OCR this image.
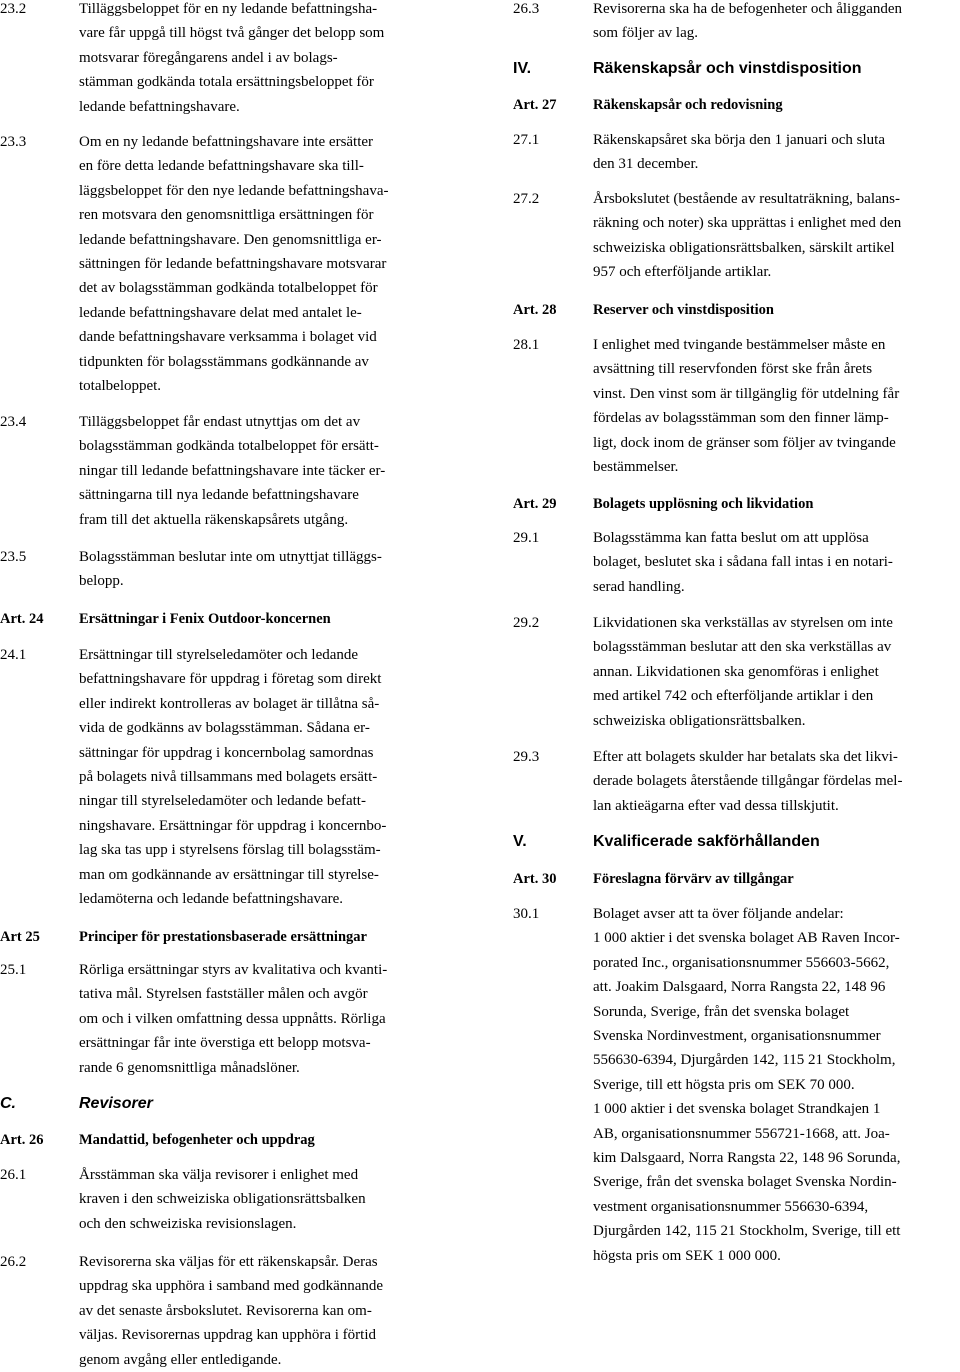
23.2	Tilläggsbeloppet för en ny ledande befattningsha-

vare får uppgå till högst två gånger det belopp som

motsvarar föregångarens andel i av bolags-

stämman godkända totala ersättningsbeloppet för

ledande befattningshavare.

23.3	Om en ny ledande befattningshavare inte ersätter

en före detta ledande befattningshavare ska till-

läggsbeloppet för den nye ledande befattningshava-

ren motsvara den genomsnittliga ersättningen för

ledande befattningshavare. Den genomsnittliga er-

sättningen för ledande befattningshavare motsvarar

det av bolagsstämman godkända totalbeloppet för

ledande befattningshavare delat med antalet le-

dande befattningshavare verksamma i bolaget vid

tidpunkten för bolagsstämmans godkännande av

totalbeloppet.

23.4	Tilläggsbeloppet får endast utnyttjas om det av

bolagsstämman godkända totalbeloppet för ersätt-

ningar till ledande befattningshavare inte täcker er-

sättningarna till nya ledande befattningshavare

fram till det aktuella räkenskapsårets utgång.

23.5	Bolagsstämman beslutar inte om utnyttjat tilläggs-

belopp.

Art. 24 Ersättningar i Fenix Outdoor-koncernen

24.1	Ersättningar till styrelseledamöter och ledande

befattningshavare för uppdrag i företag som direkt

eller indirekt kontrolleras av bolaget är tillåtna så-

vida de godkänns av bolagsstämman. Sådana er-

sättningar för uppdrag i koncernbolag samordnas

på bolagets nivå tillsammans med bolagets ersätt-

ningar till styrelseledamöter och ledande befatt-

ningshavare. Ersättningar för uppdrag i koncernbo-

lag ska tas upp i styrelsens förslag till bolagsstäm-

man om godkännande av ersättningar till styrelse-

ledamöterna och ledande befattningshavare.

Art 25	Principer för prestationsbaserade ersättningar

25.1	Rörliga ersättningar styrs av kvalitativa och kvanti-

tativa mål. Styrelsen fastställer målen och avgör

om och i vilken omfattning dessa uppnåtts. Rörliga

ersättningar får inte överstiga ett belopp motsva-

rande 6 genomsnittliga månadslöner.

C.	Revisorer

Art. 26 Mandattid, befogenheter och uppdrag

26.1	Årsstämman ska välja revisorer i enlighet med

kraven i den schweiziska obligationsrättsbalken

och den schweiziska revisionslagen.

26.2	Revisorerna ska väljas för ett räkenskapsår. Deras

uppdrag ska upphöra i samband med godkännande

av det senaste årsbokslutet. Revisorerna kan om-

väljas. Revisorernas uppdrag kan upphöra i förtid

genom avgång eller entledigande.

26.3	Revisorerna ska ha de befogenheter och åligganden

som följer av lag.

IV.	Räkenskapsår och vinstdisposition

Art. 27	Räkenskapsår och redovisning

27.1	Räkenskapsåret ska börja den 1 januari och sluta

den 31 december.

27.2	Årsbokslutet (bestående av resultaträkning, balans-

räkning och noter) ska upprättas i enlighet med den

schweiziska obligationsrättsbalken, särskilt artikel

957 och efterföljande artiklar.

Art. 28	Reserver och vinstdisposition

28.1	I enlighet med tvingande bestämmelser måste en

avsättning till reservfonden först ske från årets

vinst. Den vinst som är tillgänglig för utdelning får

fördelas av bolagsstämman som den finner lämp-

ligt, dock inom de gränser som följer av tvingande

bestämmelser.

Art. 29	Bolagets upplösning och likvidation

29.1	Bolagsstämma kan fatta beslut om att upplösa

bolaget, beslutet ska i sådana fall intas i en notari-

serad handling.

29.2	Likvidationen ska verkställas av styrelsen om inte

bolagsstämman beslutar att den ska verkställas av

annan. Likvidationen ska genomföras i enlighet

med artikel 742 och efterföljande artiklar i den

schweiziska obligationsrättsbalken.

29.3	Efter att bolagets skulder har betalats ska det likvi-

derade bolagets återstående tillgångar fördelas mel-

lan aktieägarna efter vad dessa tillskjutit.

V.	Kvalificerade sakförhållanden

Art. 30	Föreslagna förvärv av tillgångar

30.1	Bolaget avser att ta över följande andelar:

1 000 aktier i det svenska bolaget AB Raven Incor-

porated Inc., organisationsnummer 556603-5662,

att. Joakim Dalsgaard, Norra Rangsta 22, 148 96

Sorunda, Sverige, från det svenska bolaget

Svenska Nordinvestment, organisationsnummer

556630-6394, Djurgården 142, 115 21 Stockholm,

Sverige, till ett högsta pris om SEK 70 000.

1 000 aktier i det svenska bolaget Strandkajen 1

AB, organisationsnummer 556721-1668, att. Joa-

kim Dalsgaard, Norra Rangsta 22, 148 96 Sorunda,

Sverige, från det svenska bolaget Svenska Nordin-

vestment organisationsnummer 556630-6394,

Djurgården 142, 115 21 Stockholm, Sverige, till ett

högsta pris om SEK 1 000 000.
